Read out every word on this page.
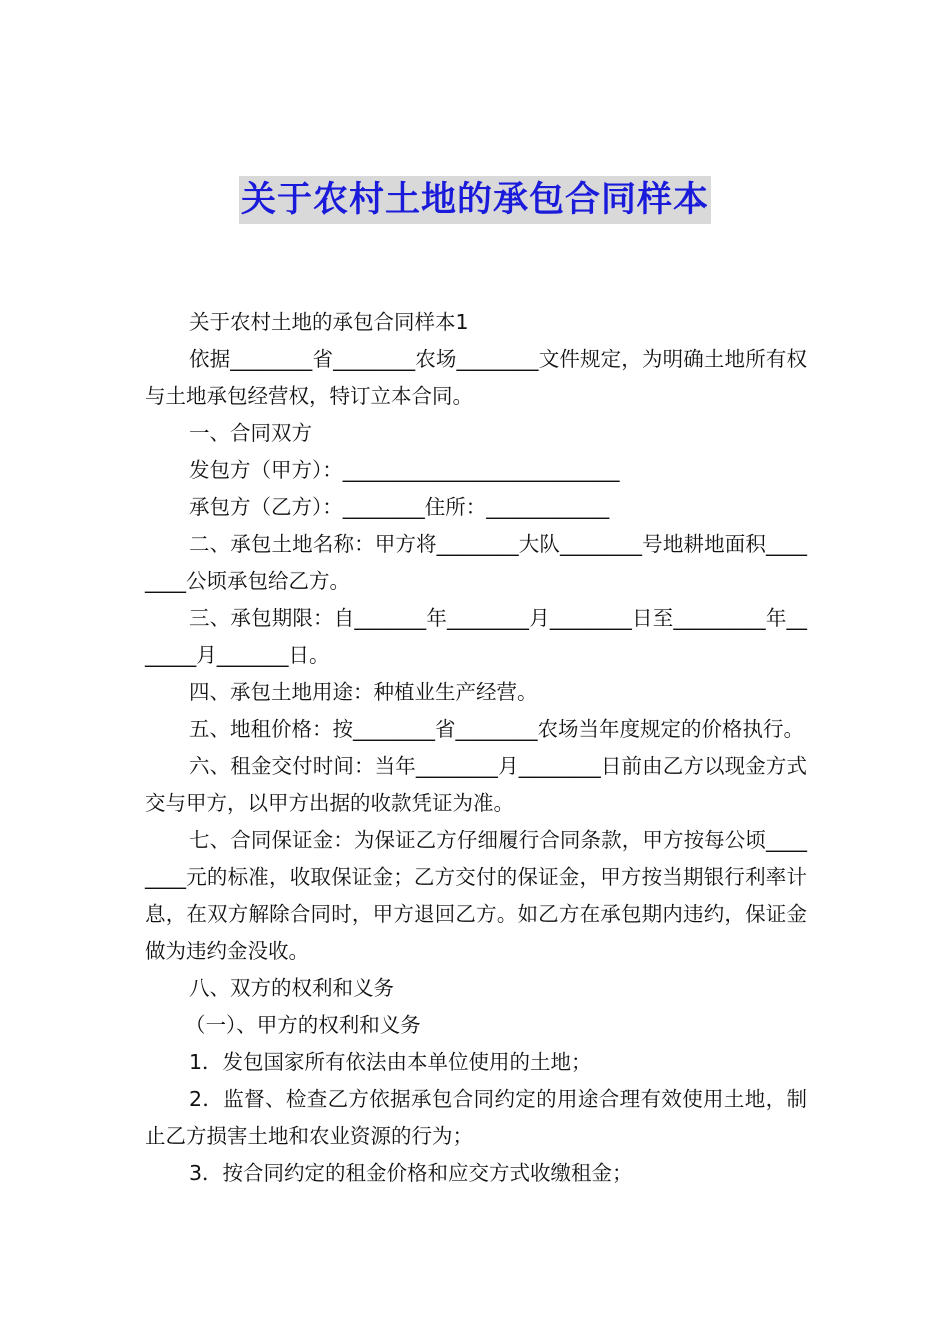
关于农村土地的承包合同样本

关于农村土地的承包合同样本1

依据________省________农场________文件规定，为明确土地所有权与土地承包经营权，特订立本合同。

一、合同双方

发包方（甲方）：___________________________

承包方（乙方）：________住所：____________

二、承包土地名称：甲方将________大队________号地耕地面积________公顷承包给乙方。

三、承包期限：自_______年________月________日至_________年_______月_______日。

四、承包土地用途：种植业生产经营。

五、地租价格：按________省________农场当年度规定的价格执行。

六、租金交付时间：当年________月________日前由乙方以现金方式交与甲方，以甲方出据的收款凭证为准。

七、合同保证金：为保证乙方仔细履行合同条款，甲方按每公顷________元的标准，收取保证金；乙方交付的保证金，甲方按当期银行利率计息，在双方解除合同时，甲方退回乙方。如乙方在承包期内违约，保证金做为违约金没收。

八、双方的权利和义务

（一）、甲方的权利和义务

1．发包国家所有依法由本单位使用的土地；

2．监督、检查乙方依据承包合同约定的用途合理有效使用土地，制止乙方损害土地和农业资源的行为；

3．按合同约定的租金价格和应交方式收缴租金；
